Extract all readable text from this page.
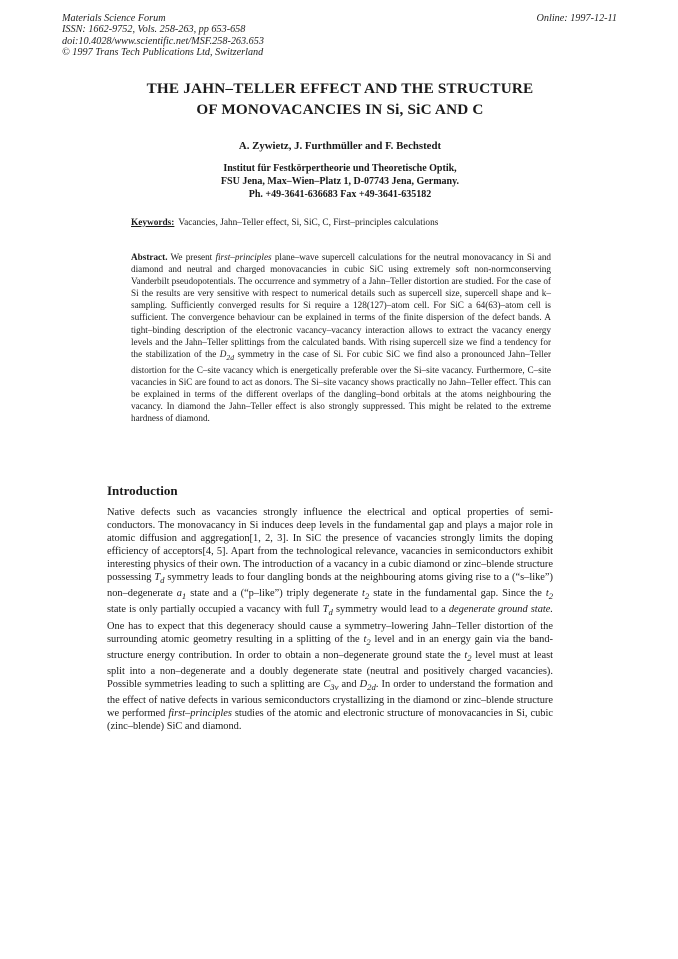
Materials Science Forum
ISSN: 1662-9752, Vols. 258-263, pp 653-658
doi:10.4028/www.scientific.net/MSF.258-263.653
© 1997 Trans Tech Publications Ltd, Switzerland
Online: 1997-12-11
THE JAHN–TELLER EFFECT AND THE STRUCTURE
OF MONOVACANCIES IN Si, SiC AND C
A. Zywietz, J. Furthmüller and F. Bechstedt
Institut für Festkörpertheorie und Theoretische Optik,
FSU Jena, Max–Wien–Platz 1, D-07743 Jena, Germany.
Ph. +49-3641-636683 Fax +49-3641-635182
Keywords: Vacancies, Jahn–Teller effect, Si, SiC, C, First–principles calculations
Abstract. We present first–principles plane–wave supercell calculations for the neutral monovacancy in Si and diamond and neutral and charged monovacancies in cubic SiC using extremely soft non-normconserving Vanderbilt pseudopotentials. The occurrence and symmetry of a Jahn–Teller distortion are studied. For the case of Si the results are very sensitive with respect to numerical details such as supercell size, supercell shape and k–sampling. Sufficiently converged results for Si require a 128(127)–atom cell. For SiC a 64(63)–atom cell is sufficient. The convergence behaviour can be explained in terms of the finite dispersion of the defect bands. A tight–binding description of the electronic vacancy–vacancy interaction allows to extract the vacancy energy levels and the Jahn–Teller splittings from the calculated bands. With rising supercell size we find a tendency for the stabilization of the $D_{2d}$ symmetry in the case of Si. For cubic SiC we find also a pronounced Jahn–Teller distortion for the C–site vacancy which is energetically preferable over the Si–site vacancy. Furthermore, C–site vacancies in SiC are found to act as donors. The Si–site vacancy shows practically no Jahn–Teller effect. This can be explained in terms of the different overlaps of the dangling–bond orbitals at the atoms neighbouring the vacancy. In diamond the Jahn–Teller effect is also strongly suppressed. This might be related to the extreme hardness of diamond.
Introduction

Native defects such as vacancies strongly influence the electrical and optical properties of semi-conductors. The monovacancy in Si induces deep levels in the fundamental gap and plays a major role in atomic diffusion and aggregation[1, 2, 3]. In SiC the presence of vacancies strongly limits the doping efficiency of acceptors[4, 5]. Apart from the technological relevance, vacancies in semiconductors exhibit interesting physics of their own. The introduction of a vacancy in a cubic diamond or zinc–blende structure possessing $T_d$ symmetry leads to four dangling bonds at the neighbouring atoms giving rise to a (“s–like”) non–degenerate $a_1$ state and a (“p–like”) triply degenerate $t_2$ state in the fundamental gap. Since the $t_2$ state is only partially occupied a vacancy with full $T_d$ symmetry would lead to a degenerate ground state. One has to expect that this degeneracy should cause a symmetry–lowering Jahn–Teller distortion of the surrounding atomic geometry resulting in a splitting of the $t_2$ level and in an energy gain via the band-structure energy contribution. In order to obtain a non–degenerate ground state the $t_2$ level must at least split into a non–degenerate and a doubly degenerate state (neutral and positively charged vacancies). Possible symmetries leading to such a splitting are $C_{3v}$ and $D_{2d}$. In order to understand the formation and the effect of native defects in various semiconductors crystallizing in the diamond or zinc–blende structure we performed first–principles studies of the atomic and electronic structure of monovacancies in Si, cubic (zinc–blende) SiC and diamond.
